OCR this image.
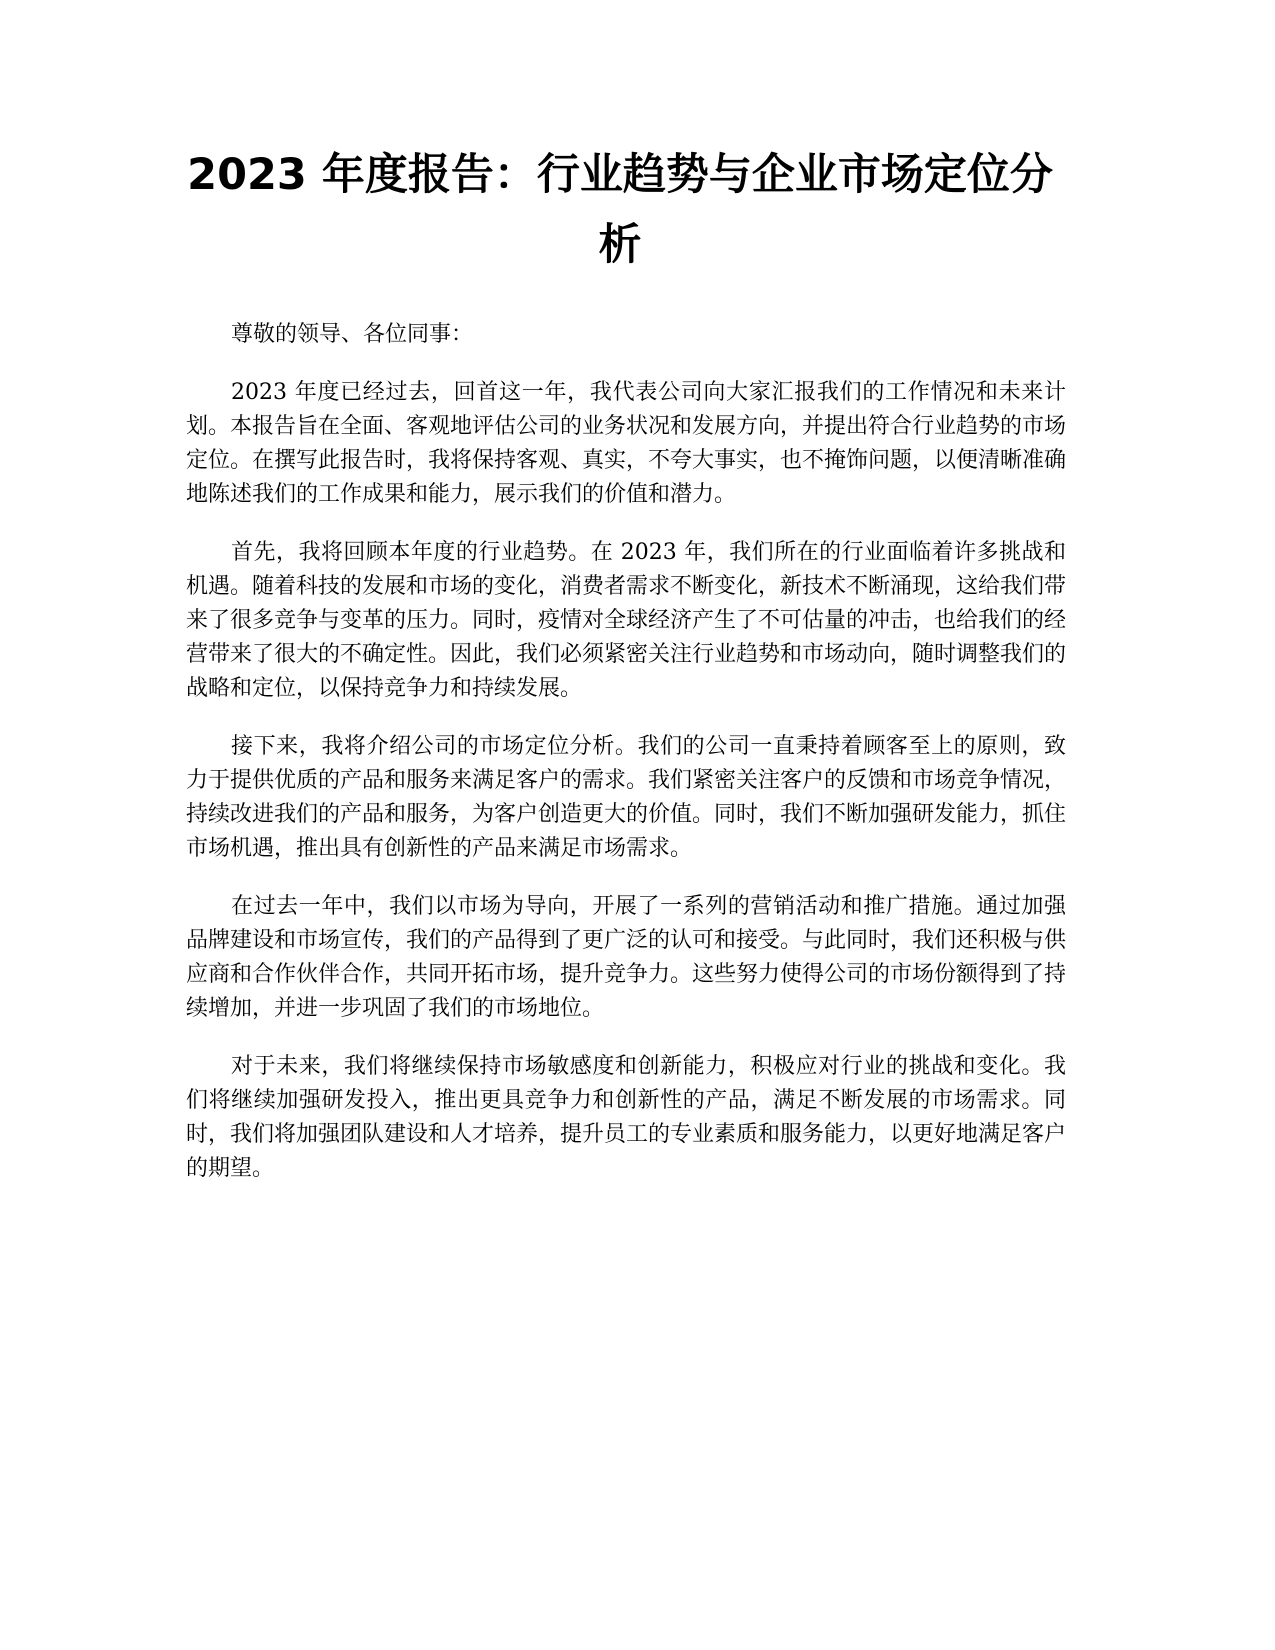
2023 年度报告：行业趋势与企业市场定位分析

尊敬的领导、各位同事：

2023 年度已经过去，回首这一年，我代表公司向大家汇报我们的工作情况和未来计划。本报告旨在全面、客观地评估公司的业务状况和发展方向，并提出符合行业趋势的市场定位。在撰写此报告时，我将保持客观、真实，不夸大事实，也不掩饰问题，以便清晰准确地陈述我们的工作成果和能力，展示我们的价值和潜力。

首先，我将回顾本年度的行业趋势。在 2023 年，我们所在的行业面临着许多挑战和机遇。随着科技的发展和市场的变化，消费者需求不断变化，新技术不断涌现，这给我们带来了很多竞争与变革的压力。同时，疫情对全球经济产生了不可估量的冲击，也给我们的经营带来了很大的不确定性。因此，我们必须紧密关注行业趋势和市场动向，随时调整我们的战略和定位，以保持竞争力和持续发展。

接下来，我将介绍公司的市场定位分析。我们的公司一直秉持着顾客至上的原则，致力于提供优质的产品和服务来满足客户的需求。我们紧密关注客户的反馈和市场竞争情况，持续改进我们的产品和服务，为客户创造更大的价值。同时，我们不断加强研发能力，抓住市场机遇，推出具有创新性的产品来满足市场需求。

在过去一年中，我们以市场为导向，开展了一系列的营销活动和推广措施。通过加强品牌建设和市场宣传，我们的产品得到了更广泛的认可和接受。与此同时，我们还积极与供应商和合作伙伴合作，共同开拓市场，提升竞争力。这些努力使得公司的市场份额得到了持续增加，并进一步巩固了我们的市场地位。

对于未来，我们将继续保持市场敏感度和创新能力，积极应对行业的挑战和变化。我们将继续加强研发投入，推出更具竞争力和创新性的产品，满足不断发展的市场需求。同时，我们将加强团队建设和人才培养，提升员工的专业素质和服务能力，以更好地满足客户的期望。
